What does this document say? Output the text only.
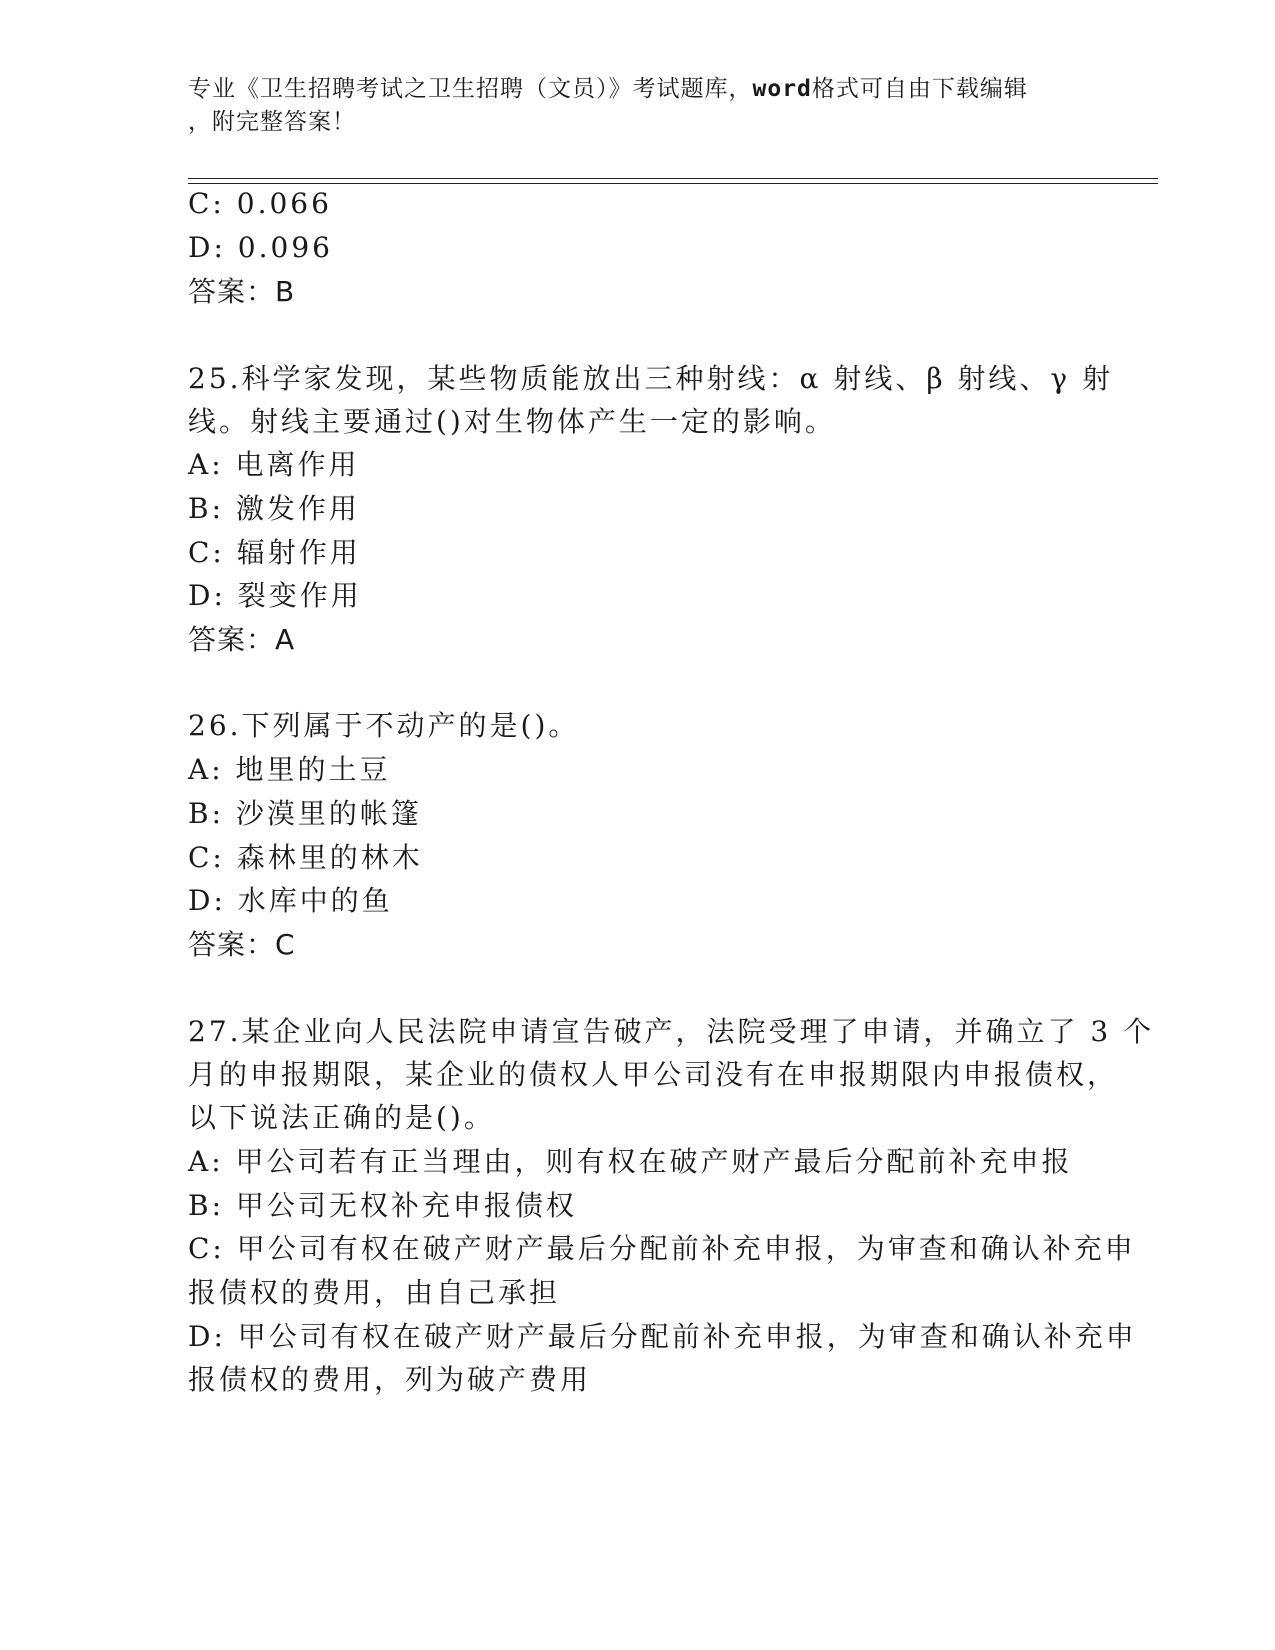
专业《卫生招聘考试之卫生招聘（文员）》考试题库，word格式可自由下载编辑
，附完整答案！
C: 0.066
D: 0.096
答案：B
25.科学家发现，某些物质能放出三种射线：α 射线、β 射线、γ 射
线。射线主要通过()对生物体产生一定的影响。
A: 电离作用
B: 激发作用
C: 辐射作用
D: 裂变作用
答案：A
26.下列属于不动产的是()。
A: 地里的土豆
B: 沙漠里的帐篷
C: 森林里的林木
D: 水库中的鱼
答案：C
27.某企业向人民法院申请宣告破产，法院受理了申请，并确立了 3 个
月的申报期限，某企业的债权人甲公司没有在申报期限内申报债权，
以下说法正确的是()。
A: 甲公司若有正当理由，则有权在破产财产最后分配前补充申报
B: 甲公司无权补充申报债权
C: 甲公司有权在破产财产最后分配前补充申报，为审查和确认补充申
报债权的费用，由自己承担
D: 甲公司有权在破产财产最后分配前补充申报，为审查和确认补充申
报债权的费用，列为破产费用
